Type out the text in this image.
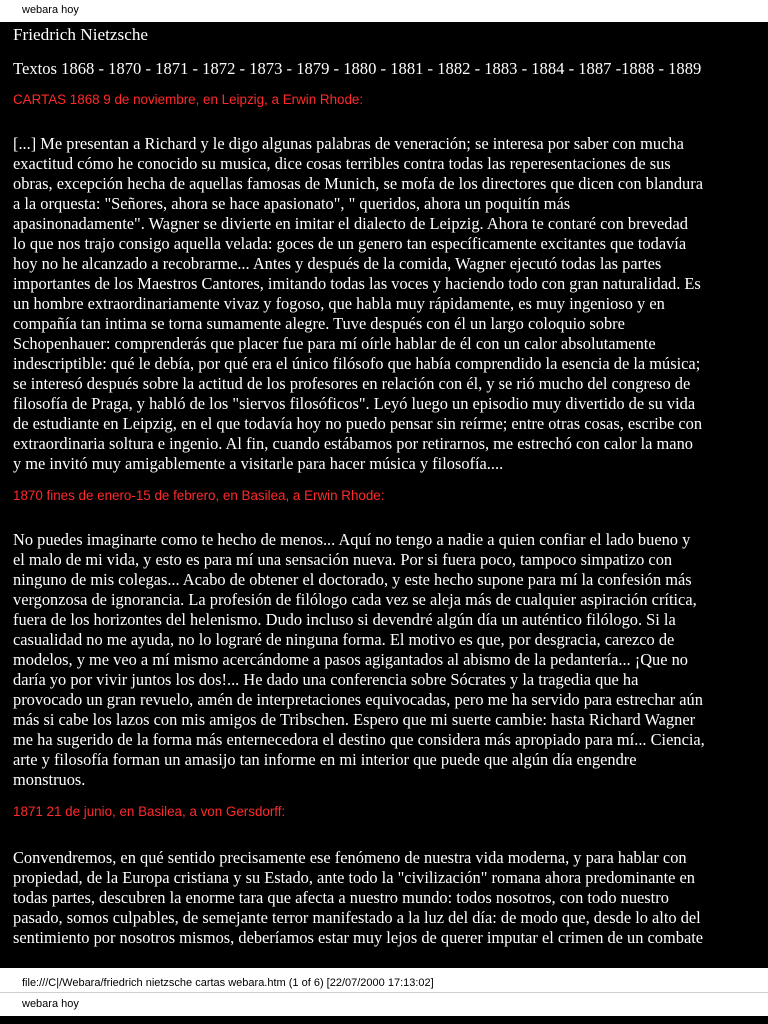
webara hoy
Friedrich Nietzsche
Textos 1868 - 1870 - 1871 - 1872 - 1873 - 1879 - 1880 - 1881 - 1882 - 1883 - 1884 - 1887 -1888 - 1889
CARTAS 1868 9 de noviembre, en Leipzig, a Erwin Rhode:
[...] Me presentan a Richard y le digo algunas palabras de veneración; se interesa por saber con mucha
exactitud cómo he conocido su musica, dice cosas terribles contra todas las reperesentaciones de sus
obras, excepción hecha de aquellas famosas de Munich, se mofa de los directores que dicen con blandura
a la orquesta: "Señores, ahora se hace apasionato", " queridos, ahora un poquitín más
apasinonadamente". Wagner se divierte en imitar el dialecto de Leipzig. Ahora te contaré con brevedad
lo que nos trajo consigo aquella velada: goces de un genero tan específicamente excitantes que todavía
hoy no he alcanzado a recobrarme... Antes y después de la comida, Wagner ejecutó todas las partes
importantes de los Maestros Cantores, imitando todas las voces y haciendo todo con gran naturalidad. Es
un hombre extraordinariamente vivaz y fogoso, que habla muy rápidamente, es muy ingenioso y en
compañía tan intima se torna sumamente alegre. Tuve después con él un largo coloquio sobre
Schopenhauer: comprenderás que placer fue para mí oírle hablar de él con un calor absolutamente
indescriptible: qué le debía, por qué era el único filósofo que había comprendido la esencia de la música;
se interesó después sobre la actitud de los profesores en relación con él, y se rió mucho del congreso de
filosofía de Praga, y habló de los "siervos filosóficos". Leyó luego un episodio muy divertido de su vida
de estudiante en Leipzig, en el que todavía hoy no puedo pensar sin reírme; entre otras cosas, escribe con
extraordinaria soltura e ingenio. Al fin, cuando estábamos por retirarnos, me estrechó con calor la mano
y me invitó muy amigablemente a visitarle para hacer música y filosofía....
1870 fines de enero-15 de febrero, en Basilea, a Erwin Rhode:
No puedes imaginarte como te hecho de menos... Aquí no tengo a nadie a quien confiar el lado bueno y
el malo de mi vida, y esto es para mí una sensación nueva. Por si fuera poco, tampoco simpatizo con
ninguno de mis colegas... Acabo de obtener el doctorado, y este hecho supone para mí la confesión más
vergonzosa de ignorancia. La profesión de filólogo cada vez se aleja más de cualquier aspiración crítica,
fuera de los horizontes del helenismo. Dudo incluso si devendré algún día un auténtico filólogo. Si la
casualidad no me ayuda, no lo lograré de ninguna forma. El motivo es que, por desgracia, carezco de
modelos, y me veo a mí mismo acercándome a pasos agigantados al abismo de la pedantería... ¡Que no
daría yo por vivir juntos los dos!... He dado una conferencia sobre Sócrates y la tragedia que ha
provocado un gran revuelo, amén de interpretaciones equivocadas, pero me ha servido para estrechar aún
más si cabe los lazos con mis amigos de Tribschen. Espero que mi suerte cambie: hasta Richard Wagner
me ha sugerido de la forma más enternecedora el destino que considera más apropiado para mí... Ciencia,
arte y filosofía forman un amasijo tan informe en mi interior que puede que algún día engendre
monstruos.
1871 21 de junio, en Basilea, a von Gersdorff:
Convendremos, en qué sentido precisamente ese fenómeno de nuestra vida moderna, y para hablar con
propiedad, de la Europa cristiana y su Estado, ante todo la "civilización" romana ahora predominante en
todas partes, descubren la enorme tara que afecta a nuestro mundo: todos nosotros, con todo nuestro
pasado, somos culpables, de semejante terror manifestado a la luz del día: de modo que, desde lo alto del
sentimiento por nosotros mismos, deberíamos estar muy lejos de querer imputar el crimen de un combate
file:///C|/Webara/friedrich nietzsche cartas webara.htm (1 of 6) [22/07/2000 17:13:02]
webara hoy
